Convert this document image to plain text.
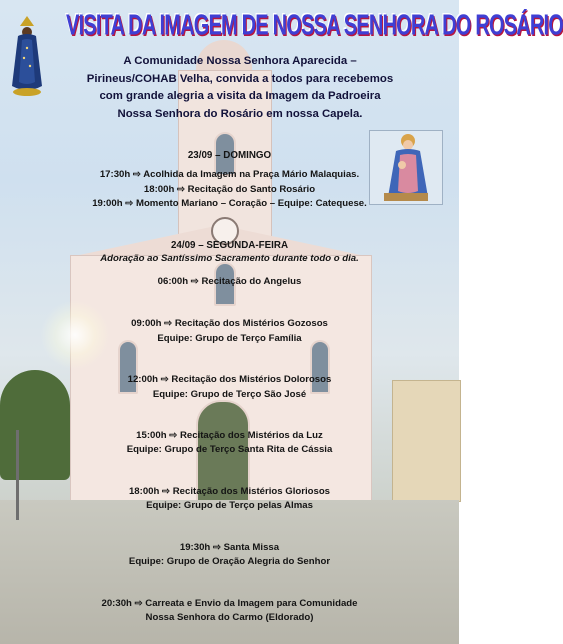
VISITA DA IMAGEM DE NOSSA SENHORA DO ROSÁRIO
A Comunidade Nossa Senhora Aparecida –
Pirineus/COHAB Velha, convida a todos para recebemos
com grande alegria a visita da Imagem da Padroeira
Nossa Senhora do Rosário em nossa Capela.
23/09 – DOMINGO
17:30h ⇨ Acolhida da Imagem na Praça Mário Malaquias.
18:00h ⇨ Recitação do Santo Rosário
19:00h ⇨ Momento Mariano – Coração – Equipe: Catequese.
24/09 – SEGUNDA-FEIRA
Adoração ao Santíssimo Sacramento durante todo o dia.
06:00h ⇨ Recitação do Angelus
09:00h ⇨ Recitação dos Mistérios Gozosos
Equipe: Grupo de Terço Família
12:00h ⇨ Recitação dos Mistérios Dolorosos
Equipe: Grupo de Terço São José
15:00h ⇨ Recitação dos Mistérios da Luz
Equipe: Grupo de Terço Santa Rita de Cássia
18:00h ⇨ Recitação dos Mistérios Gloriosos
Equipe: Grupo de Terço pelas Almas
19:30h ⇨ Santa Missa
Equipe: Grupo de Oração Alegria do Senhor
20:30h ⇨ Carreata e Envio da Imagem para Comunidade
Nossa Senhora do Carmo (Eldorado)
